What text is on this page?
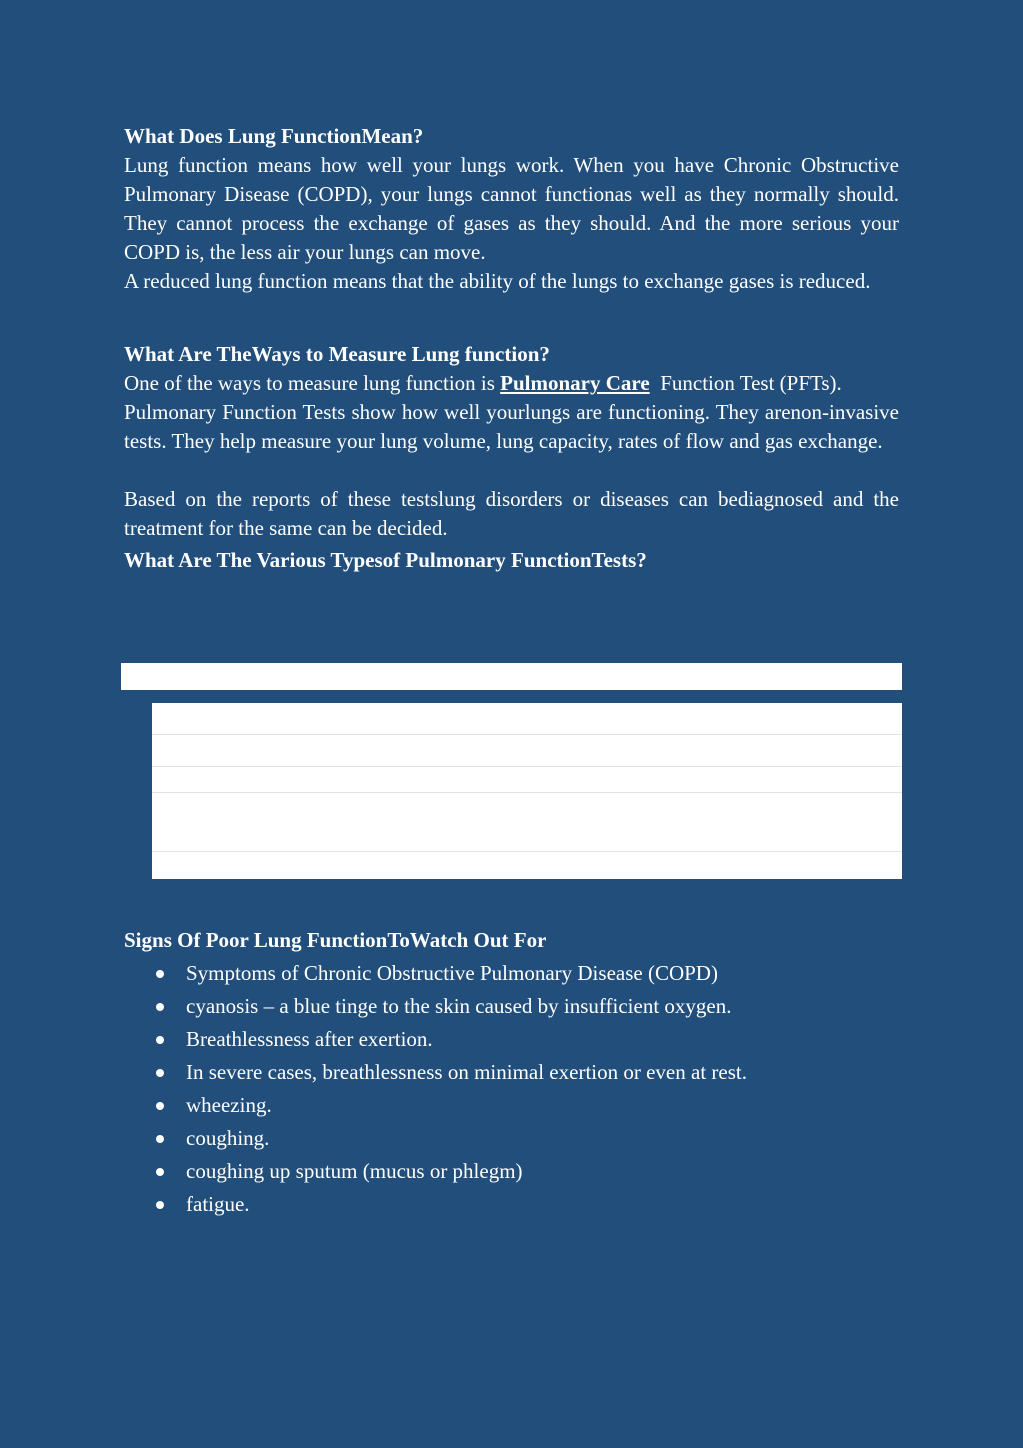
What Does Lung FunctionMean?

Lung function means how well your lungs work. When you have Chronic Obstructive Pulmonary Disease (COPD), your lungs cannot functionas well as they normally should. They cannot process the exchange of gases as they should. And the more serious your COPD is, the less air your lungs can move.

A reduced lung function means that the ability of the lungs to exchange gases is reduced.

What Are TheWays to Measure Lung function?

One of the ways to measure lung function is Pulmonary Care  Function Test (PFTs).

Pulmonary Function Tests show how well yourlungs are functioning. They arenon-invasive tests. They help measure your lung volume, lung capacity, rates of flow and gas exchange.

Based on the reports of these testslung disorders or diseases can bediagnosed and the treatment for the same can be decided.

What Are The Various Typesof Pulmonary FunctionTests?
Signs Of Poor Lung FunctionToWatch Out For
Symptoms of Chronic Obstructive Pulmonary Disease (COPD)
cyanosis – a blue tinge to the skin caused by insufficient oxygen.
Breathlessness after exertion.
In severe cases, breathlessness on minimal exertion or even at rest.
wheezing.
coughing.
coughing up sputum (mucus or phlegm)
fatigue.
